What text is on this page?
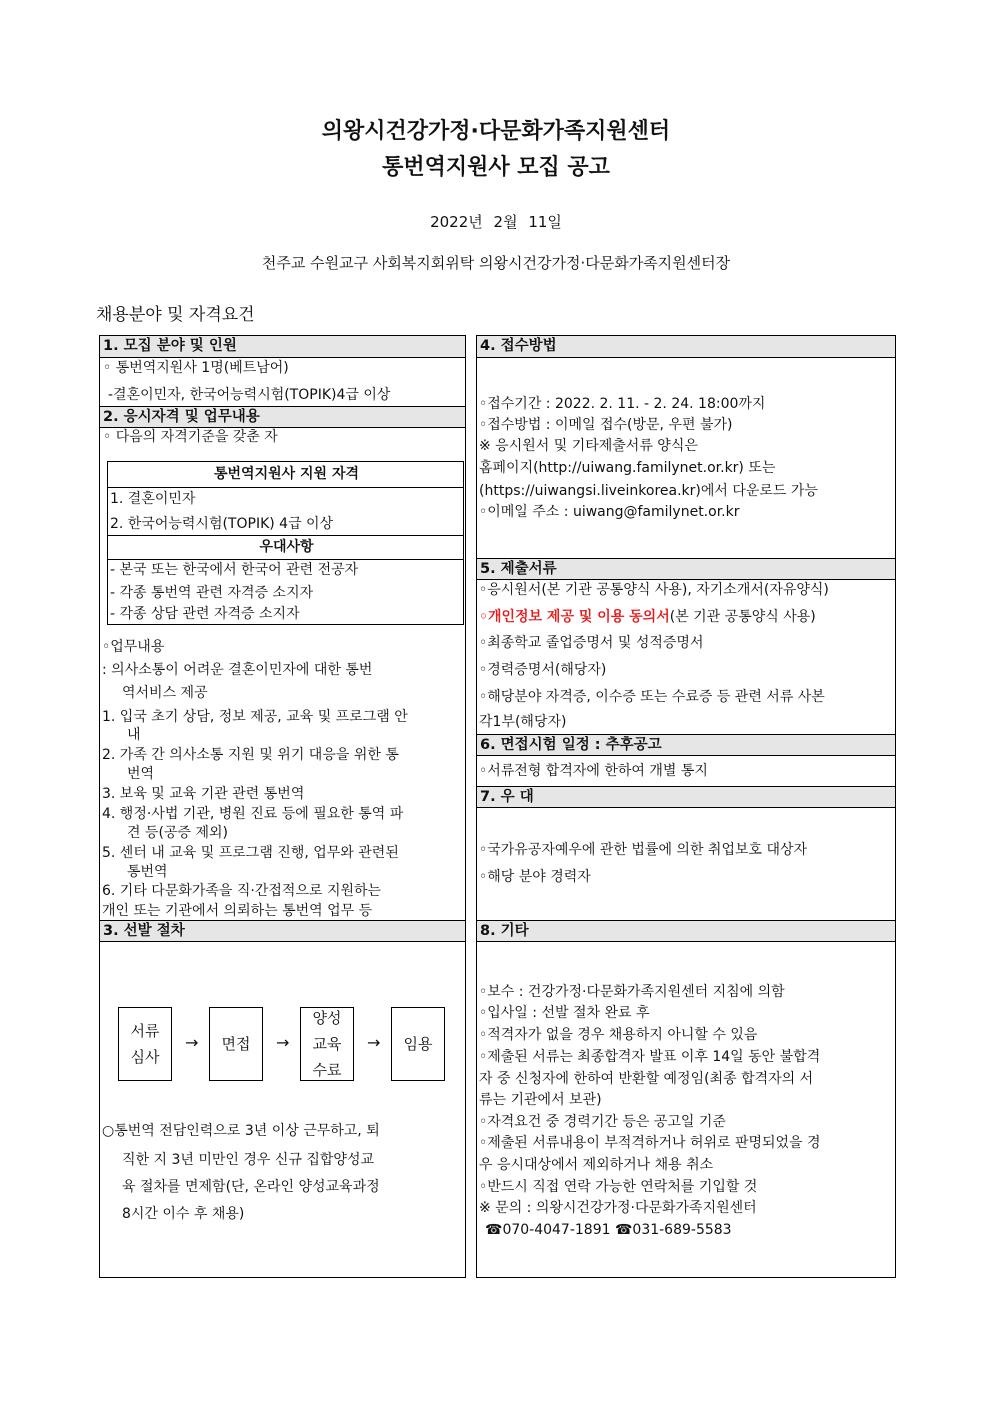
의왕시건강가정·다문화가족지원센터
통번역지원사 모집 공고
2022년 2월 11일
천주교 수원교구 사회복지회위탁 의왕시건강가정·다문화가족지원센터장
채용분야 및 자격요건
1. 모집 분야 및 인원
◦ 통번역지원사 1명(베트남어)
-결혼이민자, 한국어능력시험(TOPIK)4급 이상
2. 응시자격 및 업무내용
◦ 다음의 자격기준을 갖춘 자
통번역지원사 지원 자격
1. 결혼이민자
2. 한국어능력시험(TOPIK) 4급 이상
우대사항
- 본국 또는 한국에서 한국어 관련 전공자
- 각종 통번역 관련 자격증 소지자
- 각종 상담 관련 자격증 소지자
◦업무내용
: 의사소통이 어려운 결혼이민자에 대한 통번
역서비스 제공
1. 입국 초기 상담, 정보 제공, 교육 및 프로그램 안
내
2. 가족 간 의사소통 지원 및 위기 대응을 위한 통
번역
3. 보육 및 교육 기관 관련 통번역
4. 행정·사법 기관, 병원 진료 등에 필요한 통역 파
견 등(공증 제외)
5. 센터 내 교육 및 프로그램 진행, 업무와 관련된
통번역
6. 기타 다문화가족을 직·간접적으로 지원하는
개인 또는 기관에서 의뢰하는 통번역 업무 등
3. 선발 절차
○통번역 전담인력으로 3년 이상 근무하고, 퇴
직한 지 3년 미만인 경우 신규 집합양성교
육 절차를 면제함(단, 온라인 양성교육과정
8시간 이수 후 채용)
서류
심사
→ 면접 →
양성
교육
수료
→ 임용
4. 접수방법
◦접수기간 : 2022. 2. 11. - 2. 24. 18:00까지
◦접수방법 : 이메일 접수(방문, 우편 불가)
※ 응시원서 및 기타제출서류 양식은
홈페이지(http://uiwang.familynet.or.kr) 또는
(https://uiwangsi.liveinkorea.kr)에서 다운로드 가능
◦이메일 주소 : uiwang@familynet.or.kr
5. 제출서류
◦응시원서(본 기관 공통양식 사용), 자기소개서(자유양식)
◦개인정보 제공 및 이용 동의서(본 기관 공통양식 사용)
◦최종학교 졸업증명서 및 성적증명서
◦경력증명서(해당자)
◦해당분야 자격증, 이수증 또는 수료증 등 관련 서류 사본
각1부(해당자)
6. 면접시험 일정 : 추후공고
◦서류전형 합격자에 한하여 개별 통지
7. 우 대
◦국가유공자예우에 관한 법률에 의한 취업보호 대상자
◦해당 분야 경력자
8. 기타
◦보수 : 건강가정·다문화가족지원센터 지침에 의함
◦입사일 : 선발 절차 완료 후
◦적격자가 없을 경우 채용하지 아니할 수 있음
◦제출된 서류는 최종합격자 발표 이후 14일 동안 불합격
자 중 신청자에 한하여 반환할 예정임(최종 합격자의 서
류는 기관에서 보관)
◦자격요건 중 경력기간 등은 공고일 기준
◦제출된 서류내용이 부적격하거나 허위로 판명되었을 경
우 응시대상에서 제외하거나 채용 취소
◦반드시 직접 연락 가능한 연락처를 기입할 것
※ 문의 : 의왕시건강가정·다문화가족지원센터
☎070-4047-1891 ☎031-689-5583
